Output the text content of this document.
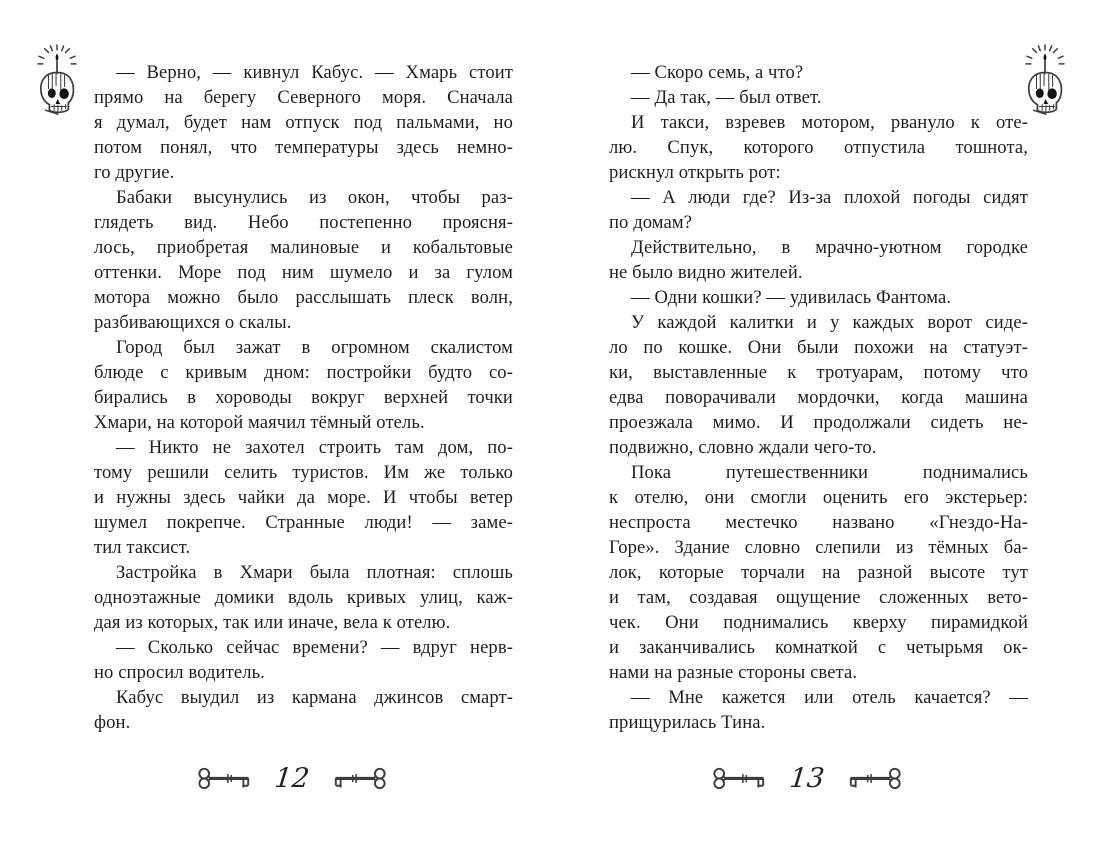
— Верно, — кивнул Кабус. — Хмарь стоит
прямо на берегу Северного моря. Сначала
я думал, будет нам отпуск под пальмами, но
потом понял, что температуры здесь немно-
го другие.
Бабаки высунулись из окон, чтобы раз-
глядеть вид. Небо постепенно проясня-
лось, приобретая малиновые и кобальтовые
оттенки. Море под ним шумело и за гулом
мотора можно было расслышать плеск волн,
разбивающихся о скалы.
Город был зажат в огромном скалистом
блюде с кривым дном: постройки будто со-
бирались в хороводы вокруг верхней точки
Хмари, на которой маячил тёмный отель.
— Никто не захотел строить там дом, по-
тому решили селить туристов. Им же только
и нужны здесь чайки да море. И чтобы ветер
шумел покрепче. Странные люди! — заме-
тил таксист.
Застройка в Хмари была плотная: сплошь
одноэтажные домики вдоль кривых улиц, каж-
дая из которых, так или иначе, вела к отелю.
— Сколько сейчас времени? — вдруг нерв-
но спросил водитель.
Кабус выудил из кармана джинсов смарт-
фон.
12
— Скоро семь, а что?
— Да так, — был ответ.
И такси, взревев мотором, рвануло к оте-
лю. Спук, которого отпустила тошнота,
рискнул открыть рот:
— А люди где? Из-за плохой погоды сидят
по домам?
Действительно, в мрачно-уютном городке
не было видно жителей.
— Одни кошки? — удивилась Фантома.
У каждой калитки и у каждых ворот сиде-
ло по кошке. Они были похожи на статуэт-
ки, выставленные к тротуарам, потому что
едва поворачивали мордочки, когда машина
проезжала мимо. И продолжали сидеть не-
подвижно, словно ждали чего-то.
Пока путешественники поднимались
к отелю, они смогли оценить его экстерьер:
неспроста местечко названо «Гнездо-На-
Горе». Здание словно слепили из тёмных ба-
лок, которые торчали на разной высоте тут
и там, создавая ощущение сложенных вето-
чек. Они поднимались кверху пирамидкой
и заканчивались комнаткой с четырьмя ок-
нами на разные стороны света.
— Мне кажется или отель качается? —
прищурилась Тина.
13
